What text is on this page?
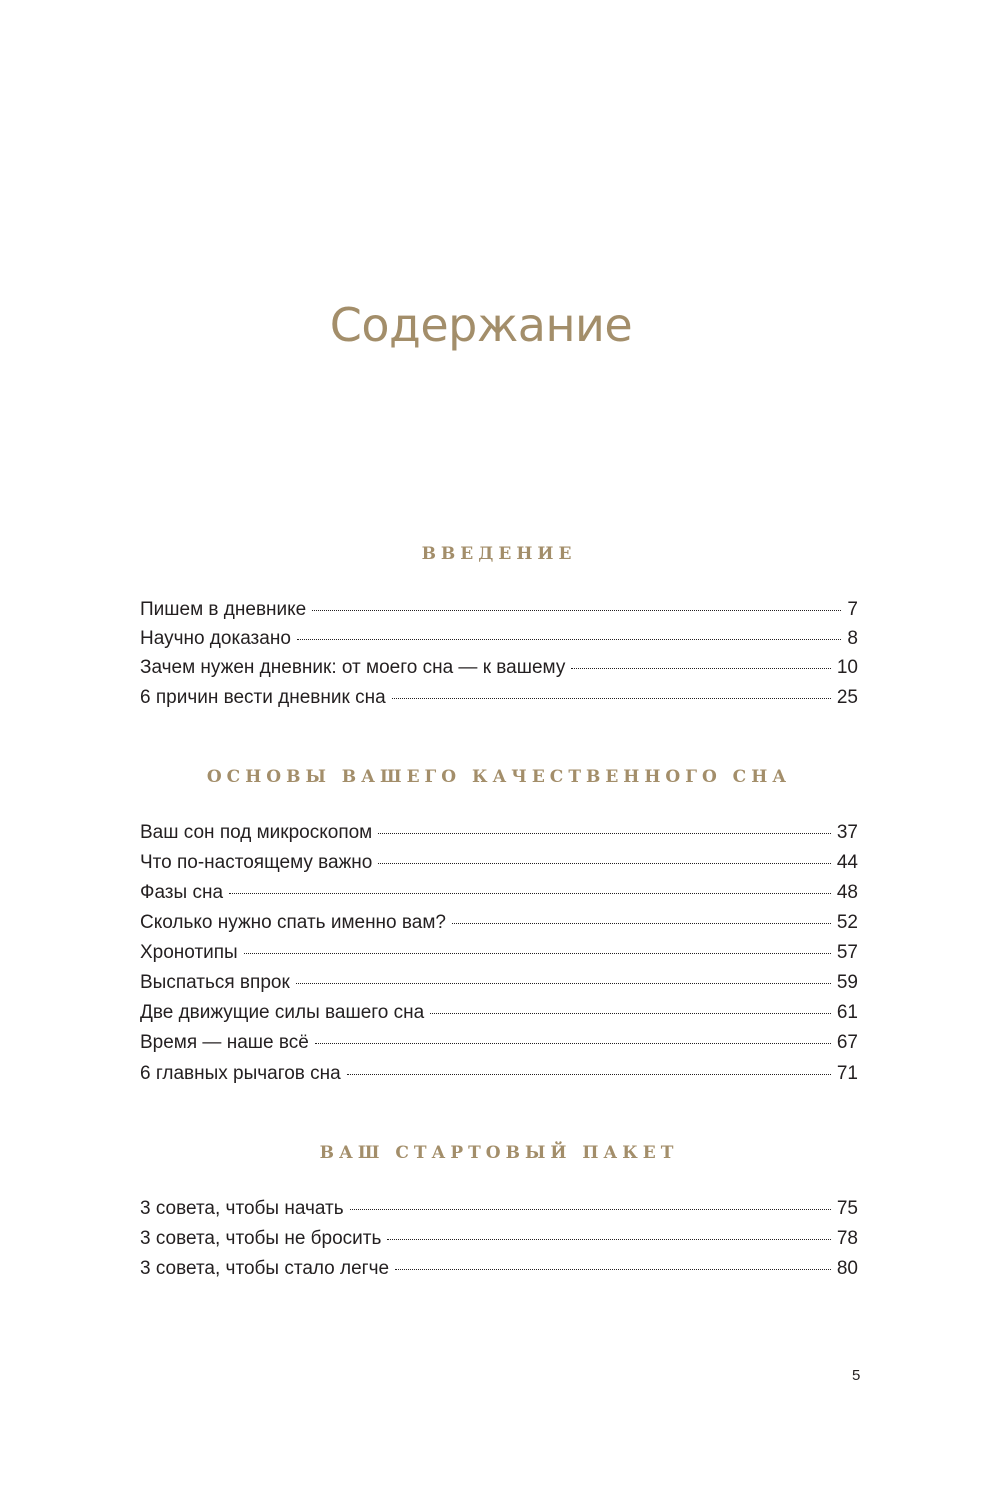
Содержание
ВВЕДЕНИЕ
Пишем в дневнике	7
Научно доказано	8
Зачем нужен дневник: от моего сна — к вашему	10
6 причин вести дневник сна	25
ОСНОВЫ ВАШЕГО КАЧЕСТВЕННОГО СНА
Ваш сон под микроскопом	37
Что по-настоящему важно	44
Фазы сна	48
Сколько нужно спать именно вам?	52
Хронотипы	57
Выспаться впрок	59
Две движущие силы вашего сна	61
Время — наше всё	67
6 главных рычагов сна	71
ВАШ СТАРТОВЫЙ ПАКЕТ
3 совета, чтобы начать	75
3 совета, чтобы не бросить	78
3 совета, чтобы стало легче	80
5
